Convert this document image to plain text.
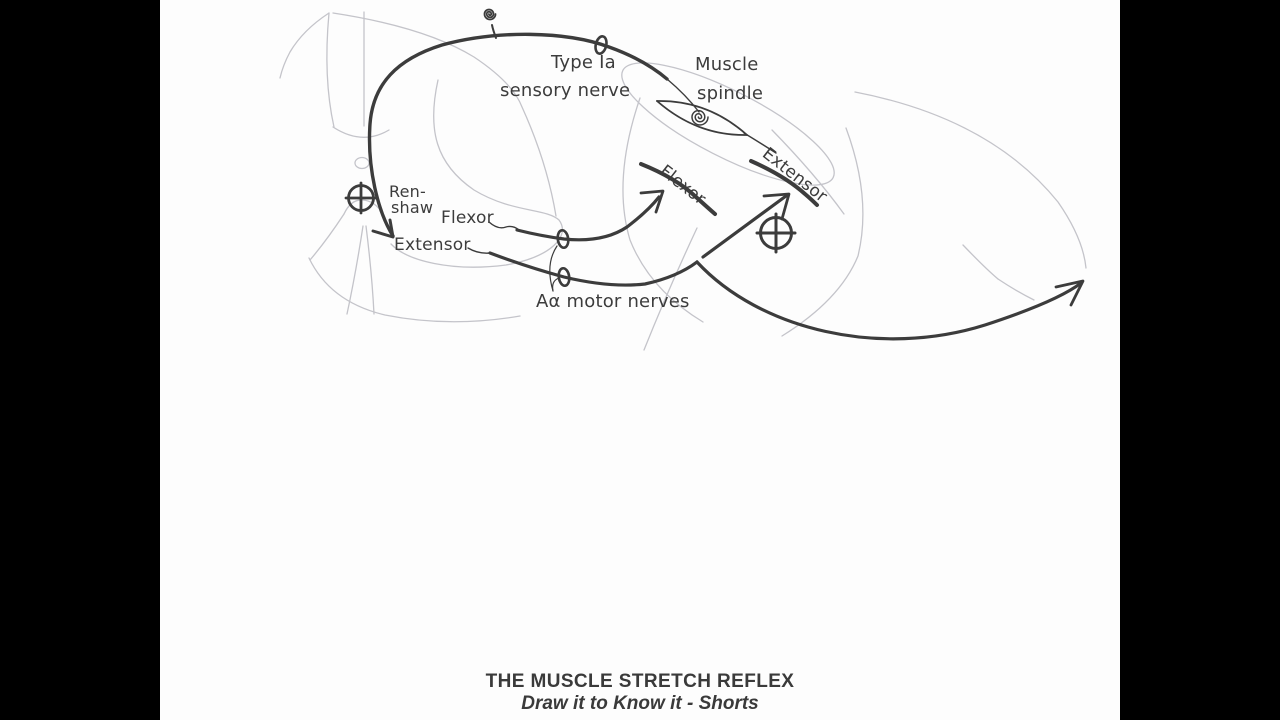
Type Ia
sensory nerve
Muscle
spindle
Ren-
shaw
Flexor
Extensor
Flexor	Extensor
Aα motor nerves
THE MUSCLE STRETCH REFLEX
Draw it to Know it - Shorts
